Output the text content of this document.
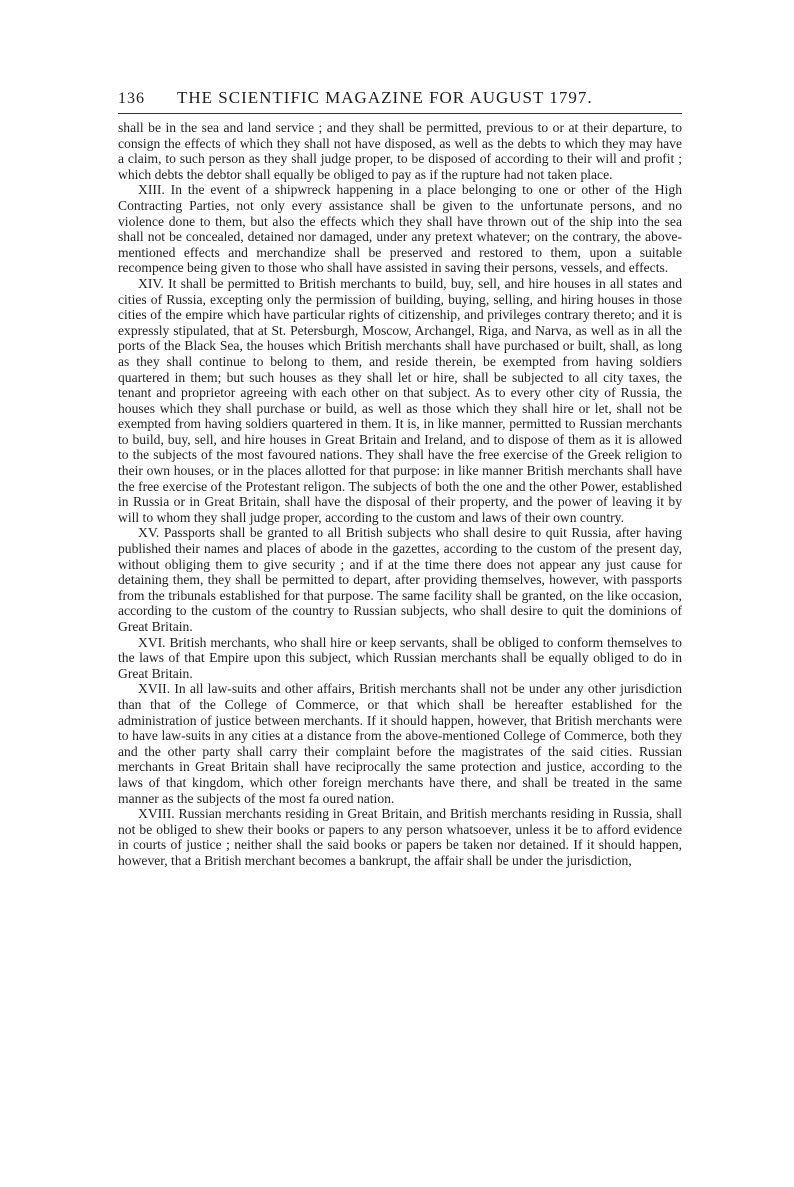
136 THE SCIENTIFIC MAGAZINE FOR AUGUST 1797.

shall be in the sea and land service ; and they shall be permitted, previous to or at their departure, to consign the effects of which they shall not have disposed, as well as the debts to which they may have a claim, to such person as they shall judge proper, to be disposed of according to their will and profit ; which debts the debtor shall equally be obliged to pay as if the rupture had not taken place.

XIII. In the event of a shipwreck happening in a place belonging to one or other of the High Contracting Parties, not only every assistance shall be given to the unfortunate persons, and no violence done to them, but also the effects which they shall have thrown out of the ship into the sea shall not be concealed, detained nor damaged, under any pretext whatever; on the contrary, the above-mentioned effects and merchandize shall be preserved and restored to them, upon a suitable recompence being given to those who shall have assisted in saving their persons, vessels, and effects.

XIV. It shall be permitted to British merchants to build, buy, sell, and hire houses in all states and cities of Russia, excepting only the permission of building, buying, selling, and hiring houses in those cities of the empire which have particular rights of citizenship, and privileges contrary thereto; and it is expressly stipulated, that at St. Petersburgh, Moscow, Archangel, Riga, and Narva, as well as in all the ports of the Black Sea, the houses which British merchants shall have purchased or built, shall, as long as they shall continue to belong to them, and reside therein, be exempted from having soldiers quartered in them; but such houses as they shall let or hire, shall be subjected to all city taxes, the tenant and proprietor agreeing with each other on that subject. As to every other city of Russia, the houses which they shall purchase or build, as well as those which they shall hire or let, shall not be exempted from having soldiers quartered in them. It is, in like manner, permitted to Russian merchants to build, buy, sell, and hire houses in Great Britain and Ireland, and to dispose of them as it is allowed to the subjects of the most favoured nations. They shall have the free exercise of the Greek religion to their own houses, or in the places allotted for that purpose: in like manner British merchants shall have the free exercise of the Protestant religon. The subjects of both the one and the other Power, established in Russia or in Great Britain, shall have the disposal of their property, and the power of leaving it by will to whom they shall judge proper, according to the custom and laws of their own country.

XV. Passports shall be granted to all British subjects who shall desire to quit Russia, after having published their names and places of abode in the gazettes, according to the custom of the present day, without obliging them to give security ; and if at the time there does not appear any just cause for detaining them, they shall be permitted to depart, after providing themselves, however, with passports from the tribunals established for that purpose. The same facility shall be granted, on the like occasion, according to the custom of the country to Russian subjects, who shall desire to quit the dominions of Great Britain.

XVI. British merchants, who shall hire or keep servants, shall be obliged to conform themselves to the laws of that Empire upon this subject, which Russian merchants shall be equally obliged to do in Great Britain.

XVII. In all law-suits and other affairs, British merchants shall not be under any other jurisdiction than that of the College of Commerce, or that which shall be hereafter established for the administration of justice between merchants. If it should happen, however, that British merchants were to have law-suits in any cities at a distance from the above-mentioned College of Commerce, both they and the other party shall carry their complaint before the magistrates of the said cities. Russian merchants in Great Britain shall have reciprocally the same protection and justice, according to the laws of that kingdom, which other foreign merchants have there, and shall be treated in the same manner as the subjects of the most fa oured nation.

XVIII. Russian merchants residing in Great Britain, and British merchants residing in Russia, shall not be obliged to shew their books or papers to any person whatsoever, unless it be to afford evidence in courts of justice ; neither shall the said books or papers be taken nor detained. If it should happen, however, that a British merchant becomes a bankrupt, the affair shall be under the jurisdiction,
